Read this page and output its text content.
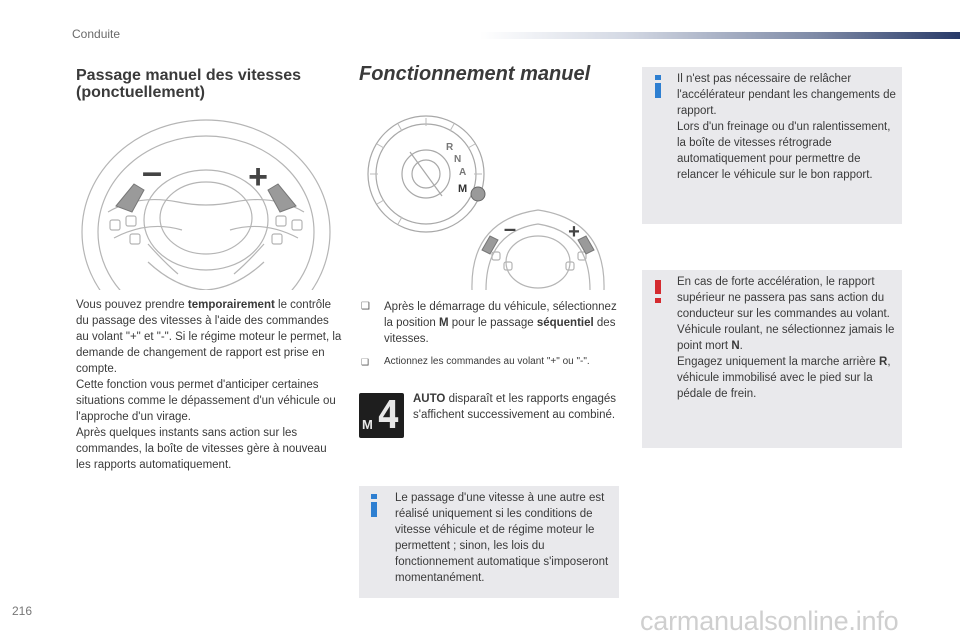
Conduite
Passage manuel des vitesses (ponctuellement)
–	+

Vous pouvez prendre temporairement le contrôle du passage des vitesses à l'aide des commandes au volant "+" et "-". Si le régime moteur le permet, la demande de changement de rapport est prise en compte.

Cette fonction vous permet d'anticiper certaines situations comme le dépassement d'un véhicule ou l'approche d'un virage.

Après quelques instants sans action sur les commandes, la boîte de vitesses gère à nouveau les rapports automatiquement.

Fonctionnement manuel
R
N
A
M
–	+
❑ Après le démarrage du véhicule, sélectionnez la position M pour le passage séquentiel des vitesses.
❑ Actionnez les commandes au volant "+" ou "-".
M 4 AUTO disparaît et les rapports engagés s'affichent successivement au combiné.

Le passage d'une vitesse à une autre est réalisé uniquement si les conditions de vitesse véhicule et de régime moteur le permettent ; sinon, les lois du fonctionnement automatique s'imposeront momentanément.

Il n'est pas nécessaire de relâcher l'accélérateur pendant les changements de rapport.

Lors d'un freinage ou d'un ralentissement, la boîte de vitesses rétrograde automatiquement pour permettre de relancer le véhicule sur le bon rapport.

En cas de forte accélération, le rapport supérieur ne passera pas sans action du conducteur sur les commandes au volant.

Véhicule roulant, ne sélectionnez jamais le point mort N.

Engagez uniquement la marche arrière R, véhicule immobilisé avec le pied sur la pédale de frein.

216	carmanualsonline.info
